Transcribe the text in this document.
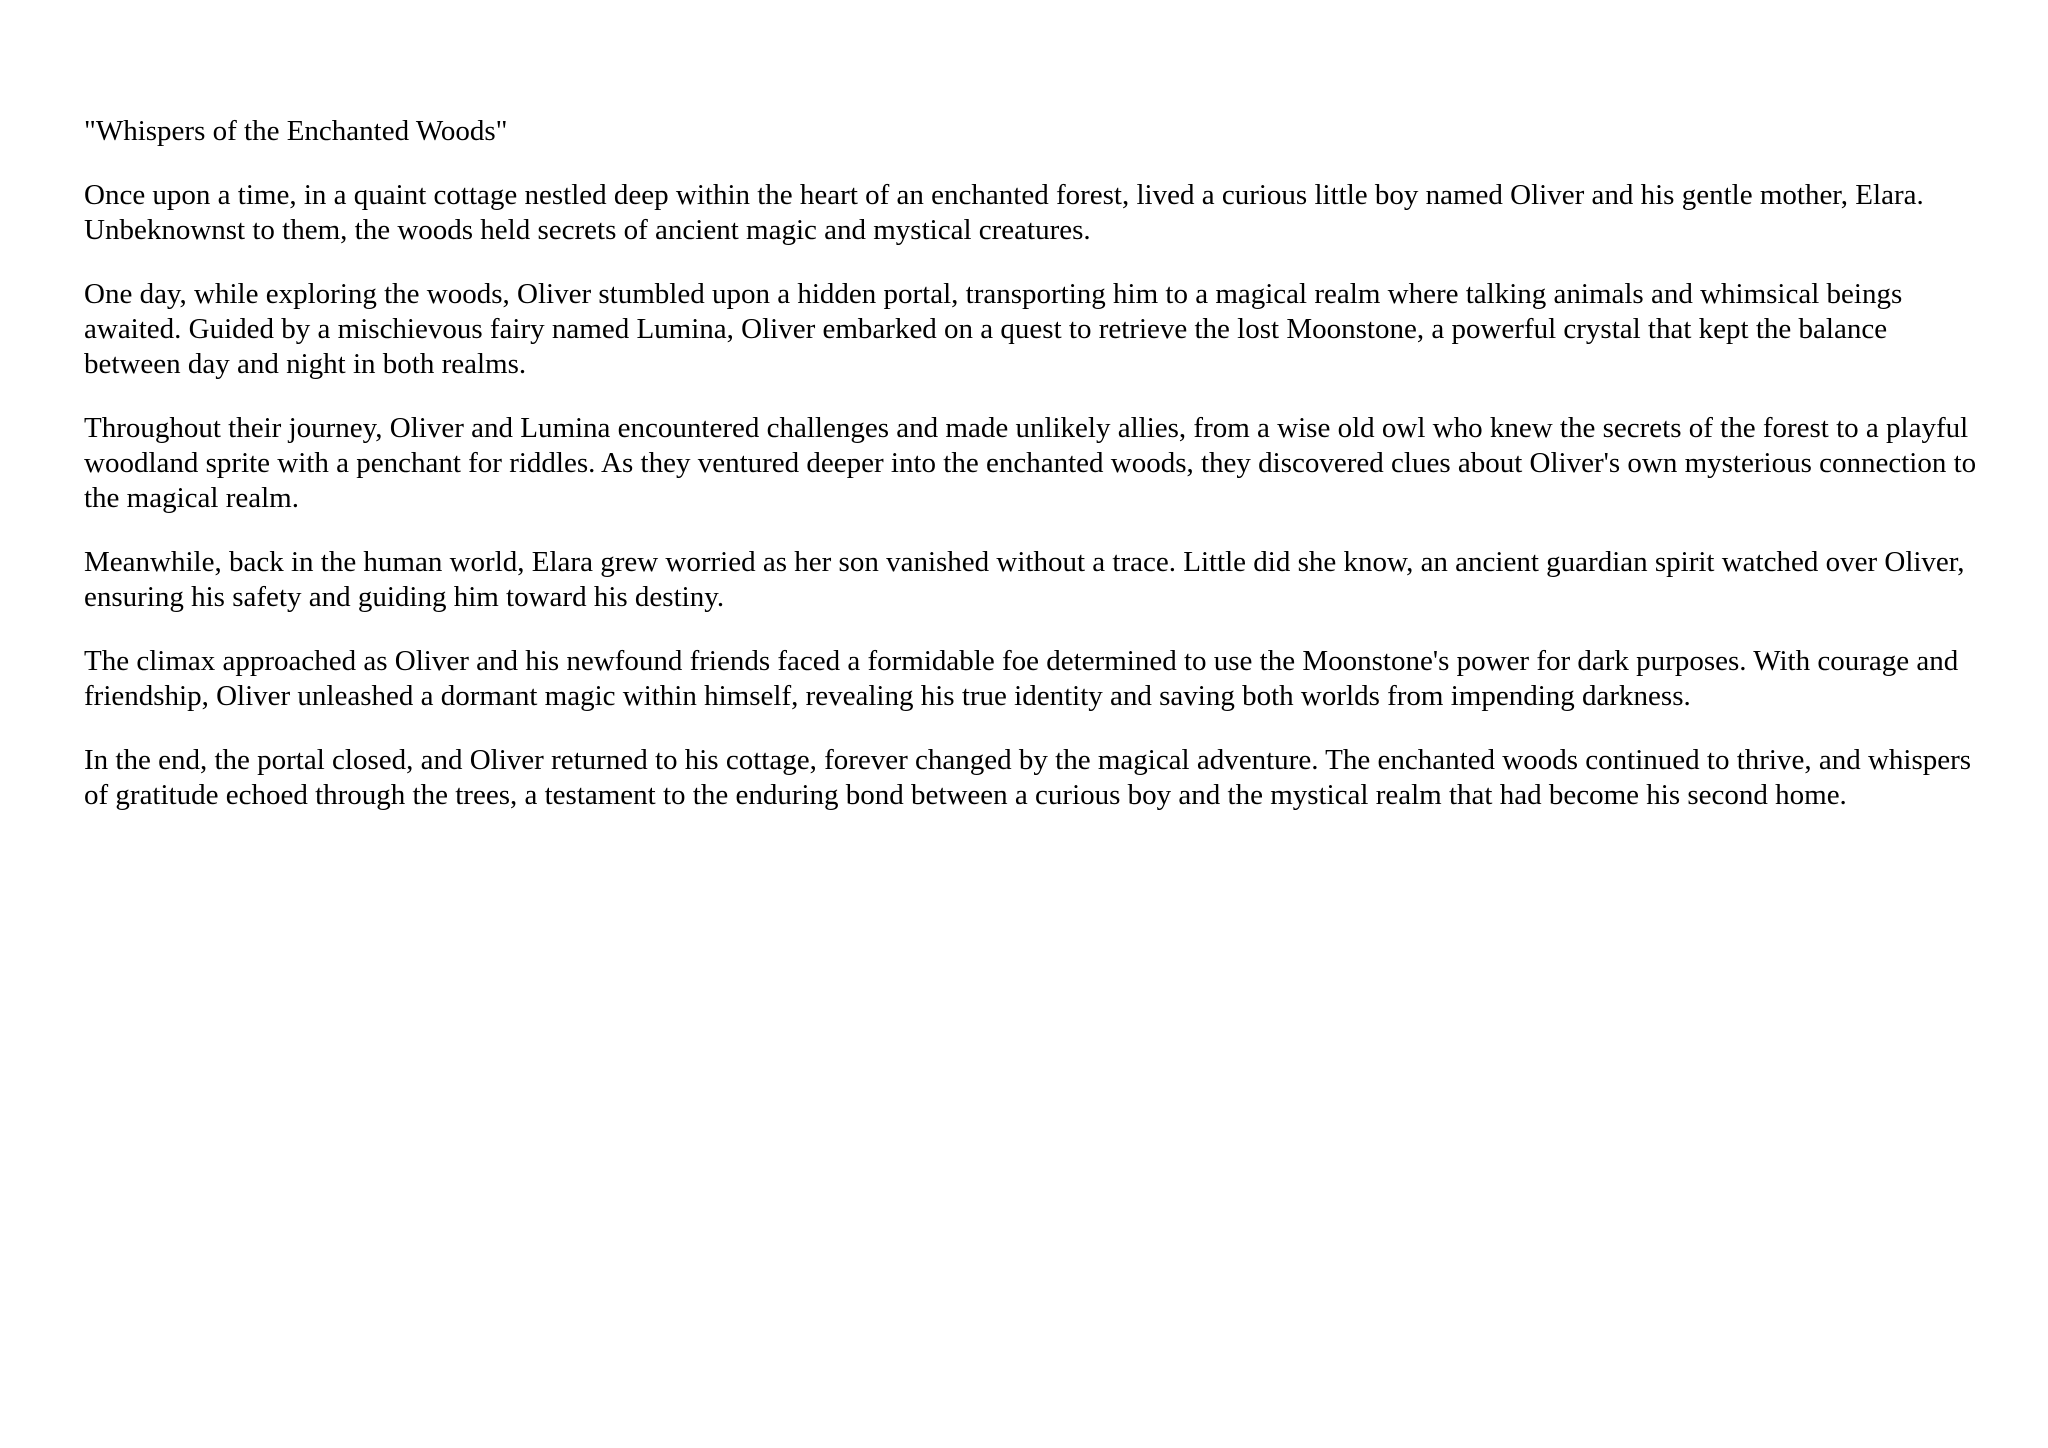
"Whispers of the Enchanted Woods"

Once upon a time, in a quaint cottage nestled deep within the heart of an enchanted forest, lived a curious little boy named Oliver and his gentle mother, Elara. Unbeknownst to them, the woods held secrets of ancient magic and mystical creatures.

One day, while exploring the woods, Oliver stumbled upon a hidden portal, transporting him to a magical realm where talking animals and whimsical beings awaited. Guided by a mischievous fairy named Lumina, Oliver embarked on a quest to retrieve the lost Moonstone, a powerful crystal that kept the balance between day and night in both realms.

Throughout their journey, Oliver and Lumina encountered challenges and made unlikely allies, from a wise old owl who knew the secrets of the forest to a playful woodland sprite with a penchant for riddles. As they ventured deeper into the enchanted woods, they discovered clues about Oliver's own mysterious connection to the magical realm.

Meanwhile, back in the human world, Elara grew worried as her son vanished without a trace. Little did she know, an ancient guardian spirit watched over Oliver, ensuring his safety and guiding him toward his destiny.

The climax approached as Oliver and his newfound friends faced a formidable foe determined to use the Moonstone's power for dark purposes. With courage and friendship, Oliver unleashed a dormant magic within himself, revealing his true identity and saving both worlds from impending darkness.

In the end, the portal closed, and Oliver returned to his cottage, forever changed by the magical adventure. The enchanted woods continued to thrive, and whispers of gratitude echoed through the trees, a testament to the enduring bond between a curious boy and the mystical realm that had become his second home.
